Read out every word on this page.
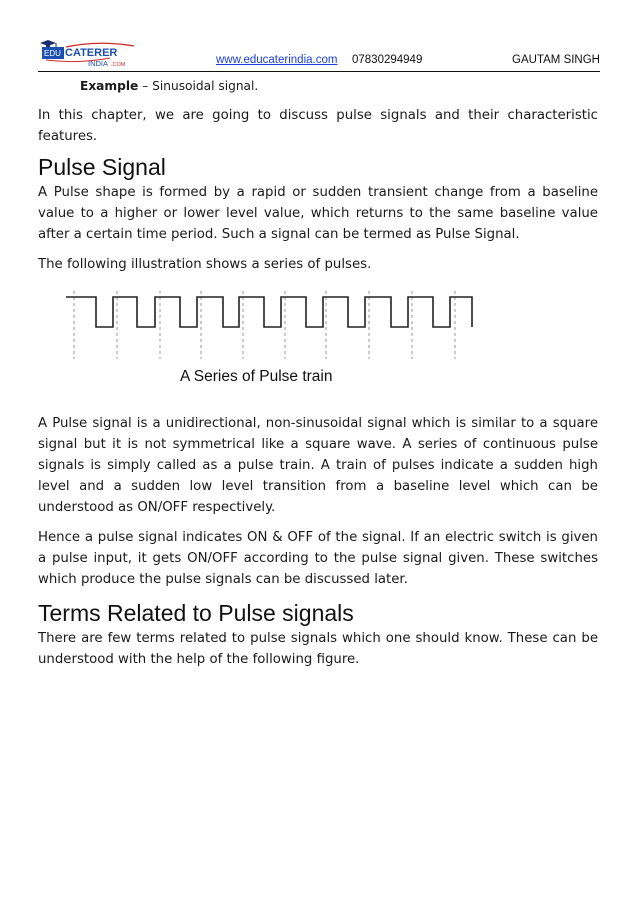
EDU CATERER
INDIA .COM	www.educaterindia.com 07830294949	GAUTAM SINGH

Example – Sinusoidal signal.

In this chapter, we are going to discuss pulse signals and their characteristic features.

Pulse Signal

A Pulse shape is formed by a rapid or sudden transient change from a baseline value to a higher or lower level value, which returns to the same baseline value after a certain time period. Such a signal can be termed as Pulse Signal.

The following illustration shows a series of pulses.

A Series of Pulse train

A Pulse signal is a unidirectional, non-sinusoidal signal which is similar to a square signal but it is not symmetrical like a square wave. A series of continuous pulse signals is simply called as a pulse train. A train of pulses indicate a sudden high level and a sudden low level transition from a baseline level which can be understood as ON/OFF respectively.

Hence a pulse signal indicates ON & OFF of the signal. If an electric switch is given a pulse input, it gets ON/OFF according to the pulse signal given. These switches which produce the pulse signals can be discussed later.

Terms Related to Pulse signals

There are few terms related to pulse signals which one should know. These can be understood with the help of the following figure.
